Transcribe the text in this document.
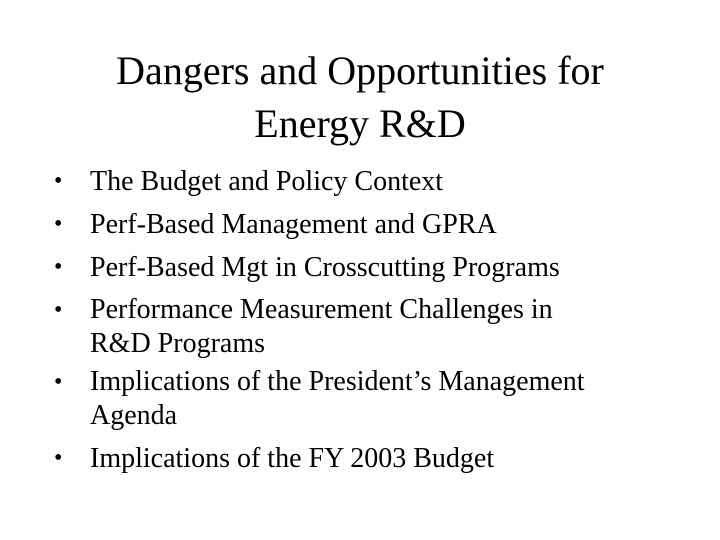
Dangers and Opportunities for
Energy R&D
• The Budget and Policy Context
• Perf-Based Management and GPRA
• Perf-Based Mgt in Crosscutting Programs
• Performance Measurement Challenges in
R&D Programs
• Implications of the President’s Management
Agenda
• Implications of the FY 2003 Budget
